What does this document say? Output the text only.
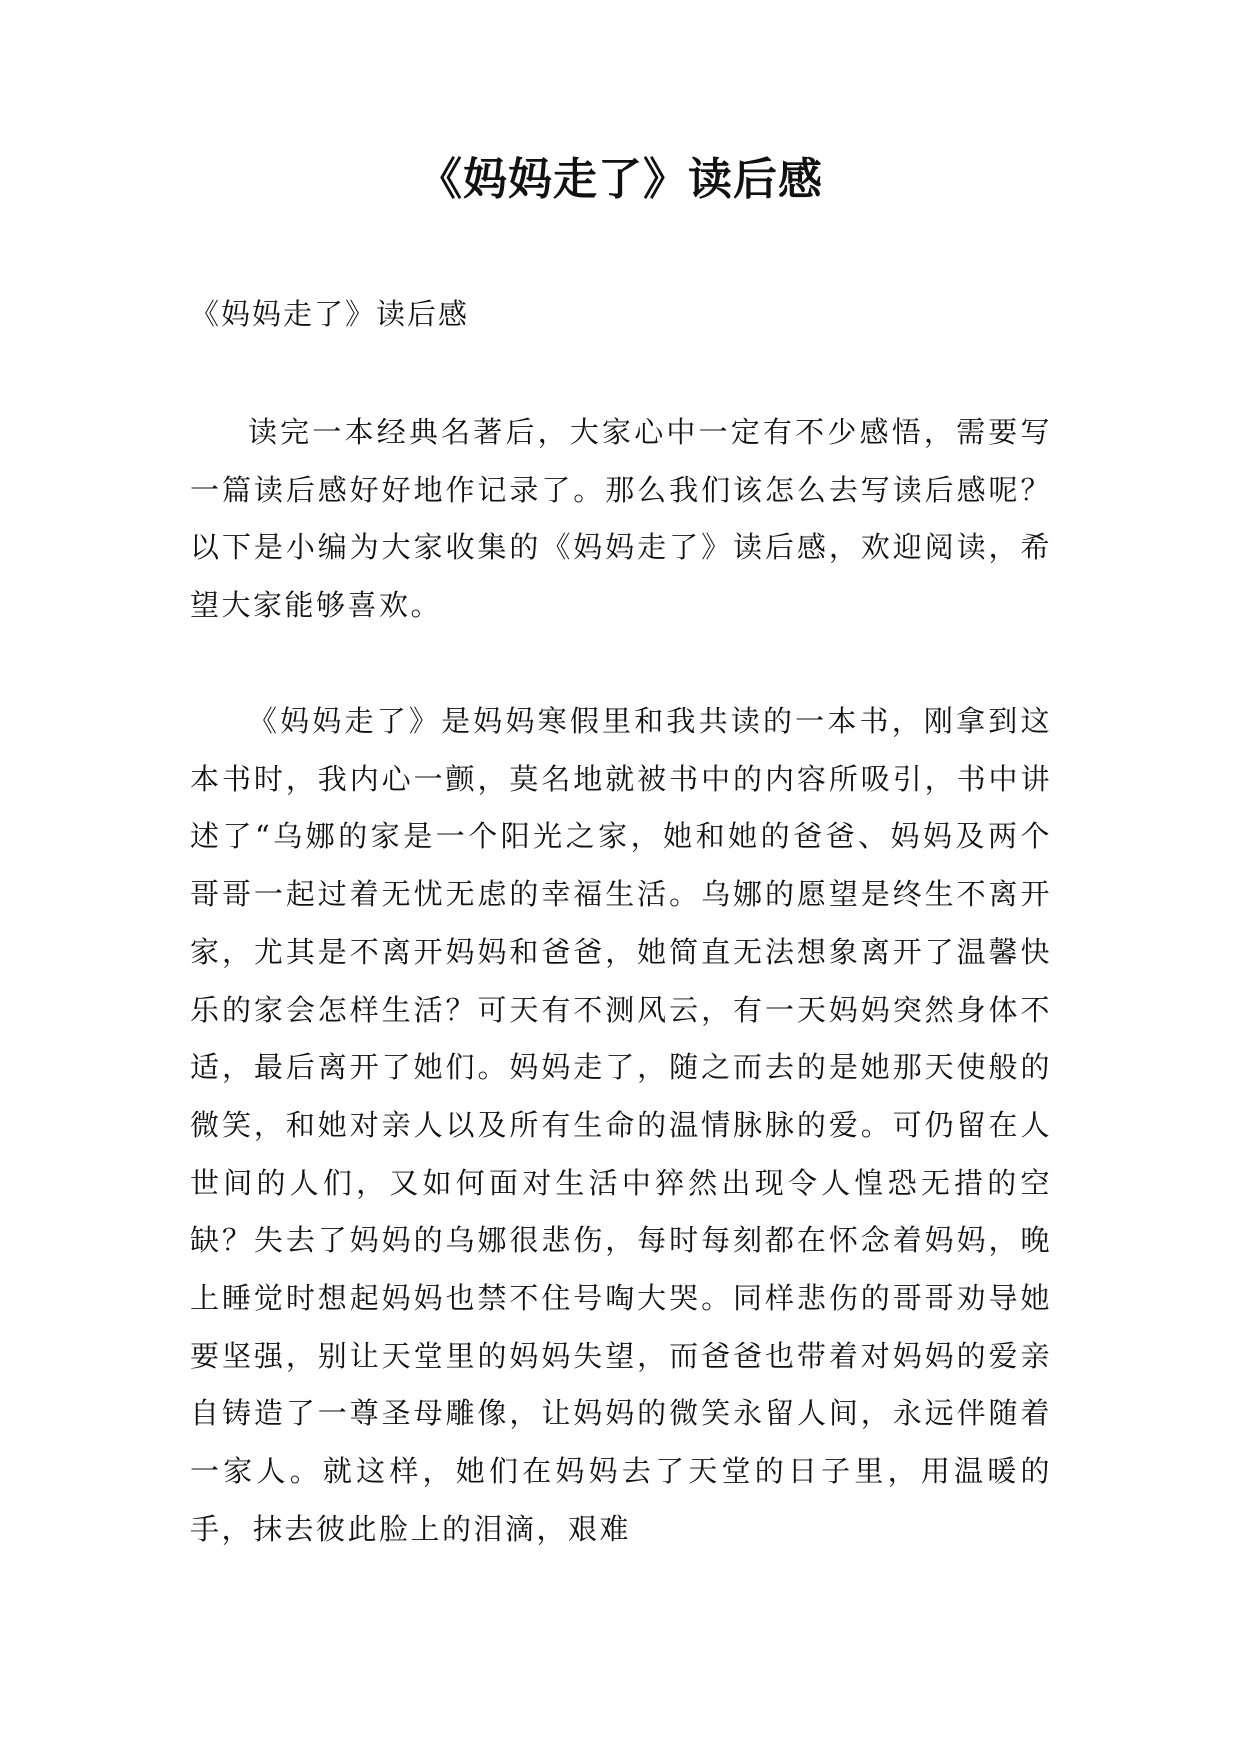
《妈妈走了》读后感
《妈妈走了》读后感

读完一本经典名著后，大家心中一定有不少感悟，需要写一篇读后感好好地作记录了。那么我们该怎么去写读后感呢？以下是小编为大家收集的《妈妈走了》读后感，欢迎阅读，希望大家能够喜欢。

《妈妈走了》是妈妈寒假里和我共读的一本书，刚拿到这本书时，我内心一颤，莫名地就被书中的内容所吸引，书中讲述了“乌娜的家是一个阳光之家，她和她的爸爸、妈妈及两个哥哥一起过着无忧无虑的幸福生活。乌娜的愿望是终生不离开家，尤其是不离开妈妈和爸爸，她简直无法想象离开了温馨快乐的家会怎样生活？可天有不测风云，有一天妈妈突然身体不适，最后离开了她们。妈妈走了，随之而去的是她那天使般的微笑，和她对亲人以及所有生命的温情脉脉的爱。可仍留在人世间的人们，又如何面对生活中猝然出现令人惶恐无措的空缺？失去了妈妈的乌娜很悲伤，每时每刻都在怀念着妈妈，晚上睡觉时想起妈妈也禁不住号啕大哭。同样悲伤的哥哥劝导她要坚强，别让天堂里的妈妈失望，而爸爸也带着对妈妈的爱亲自铸造了一尊圣母雕像，让妈妈的微笑永留人间，永远伴随着一家人。就这样，她们在妈妈去了天堂的日子里，用温暖的手，抹去彼此脸上的泪滴，艰难
